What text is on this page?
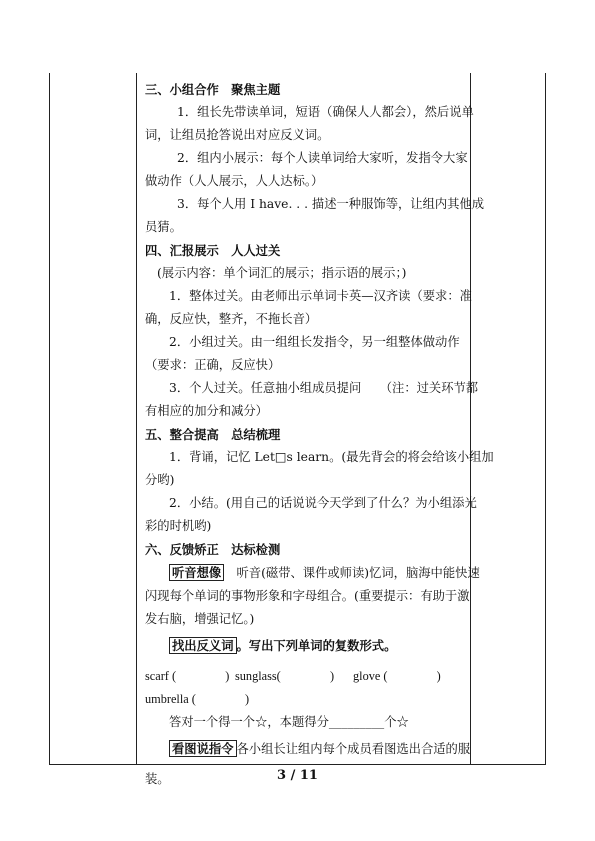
三、小组合作　聚焦主题
1．组长先带读单词，短语（确保人人都会），然后说单
词，让组员抢答说出对应反义词。
2．组内小展示：每个人读单词给大家听，发指令大家
做动作（人人展示，人人达标。）
3．每个人用 I have. . . 描述一种服饰等，让组内其他成
员猜。
四、汇报展示　人人过关
(展示内容：单个词汇的展示；指示语的展示；)
1．整体过关。由老师出示单词卡英—汉齐读（要求：准
确，反应快，整齐，不拖长音）
2．小组过关。由一组组长发指令，另一组整体做动作
（要求：正确，反应快）
3．个人过关。任意抽小组成员提问　　（注：过关环节都
有相应的加分和减分）
五、整合提高　总结梳理
1．背诵，记忆 Let□s learn。(最先背会的将会给该小组加
分哟)
2．小结。(用自己的话说说今天学到了什么？为小组添光
彩的时机哟)
六、反馈矫正　达标检测
听音想像　听音(磁带、课件或师读)忆词，脑海中能快速
闪现每个单词的事物形象和字母组合。(重要提示：有助于激
发右脑，增强记忆。)
找出反义词 。写出下列单词的复数形式。
scarf (　　　　) sunglass(　　　　) glove (　　　　)
umbrella (　　　　)
答对一个得一个☆，本题得分_________个☆
看图说指令 各小组长让组内每个成员看图选出合适的服
装。	3 / 11
